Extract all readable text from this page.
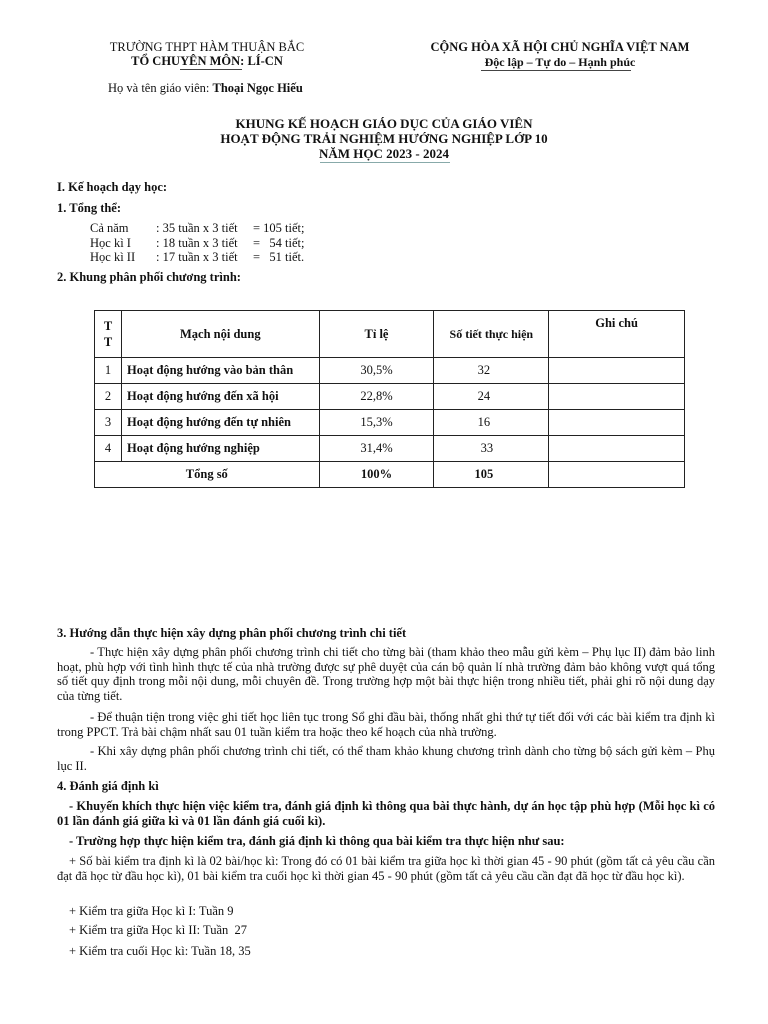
TRƯỜNG THPT HÀM THUẬN BẮC
TỔ CHUYÊN MÔN: LÍ-CN
CỘNG HÒA XÃ HỘI CHỦ NGHĨA VIỆT NAM
Độc lập – Tự do – Hạnh phúc
Họ và tên giáo viên: Thoại Ngọc Hiếu
KHUNG KẾ HOẠCH GIÁO DỤC CỦA GIÁO VIÊN
HOẠT ĐỘNG TRẢI NGHIỆM HƯỚNG NGHIỆP LỚP 10
NĂM HỌC 2023 - 2024
I. Kế hoạch dạy học:
1. Tổng thể:
Cả năm : 35 tuần x 3 tiết = 105 tiết;
Học kì I : 18 tuần x 3 tiết =   54 tiết;
Học kì II : 17 tuần x 3 tiết =   51 tiết.
2. Khung phân phối chương trình:
T T	Mạch nội dung	Tỉ lệ	Số tiết thực hiện	Ghi chú
1	Hoạt động hướng vào bản thân	30,5%	32	
2	Hoạt động hướng đến xã hội	22,8%	24	
3	Hoạt động hướng đến tự nhiên	15,3%	16	
4	Hoạt động hướng nghiệp	31,4%	33	
Tổng số		100%	105	
3. Hướng dẫn thực hiện xây dựng phân phối chương trình chi tiết
- Thực hiện xây dựng phân phối chương trình chi tiết cho từng bài (tham khảo theo mẫu gửi kèm – Phụ lục II) đảm bảo linh hoạt, phù hợp với tình hình thực tế của nhà trường được sự phê duyệt của cán bộ quản lí nhà trường đảm bảo không vượt quá tổng số tiết quy định trong mỗi nội dung, mỗi chuyên đề. Trong trường hợp một bài thực hiện trong nhiều tiết, phải ghi rõ nội dung dạy của từng tiết.
- Để thuận tiện trong việc ghi tiết học liên tục trong Sổ ghi đầu bài, thống nhất ghi thứ tự tiết đối với các bài kiểm tra định kì trong PPCT. Trả bài chậm nhất sau 01 tuần kiểm tra hoặc theo kế hoạch của nhà trường.
- Khi xây dựng phân phối chương trình chi tiết, có thể tham khảo khung chương trình dành cho từng bộ sách gửi kèm – Phụ lục II.
4. Đánh giá định kì
- Khuyến khích thực hiện việc kiểm tra, đánh giá định kì thông qua bài thực hành, dự án học tập phù hợp (Mỗi học kì có 01 lần đánh giá giữa kì và 01 lần đánh giá cuối kì).
- Trường hợp thực hiện kiểm tra, đánh giá định kì thông qua bài kiểm tra thực hiện như sau:
+ Số bài kiểm tra định kì là 02 bài/học kì: Trong đó có 01 bài kiểm tra giữa học kì thời gian 45 - 90 phút (gồm tất cả yêu cầu cần đạt đã học từ đầu học kì), 01 bài kiểm tra cuối học kì thời gian 45 - 90 phút (gồm tất cả yêu cầu cần đạt đã học từ đầu học kì).
+ Kiểm tra giữa Học kì I: Tuần 9
+ Kiểm tra giữa Học kì II: Tuần  27
+ Kiểm tra cuối Học kì: Tuần 18, 35
